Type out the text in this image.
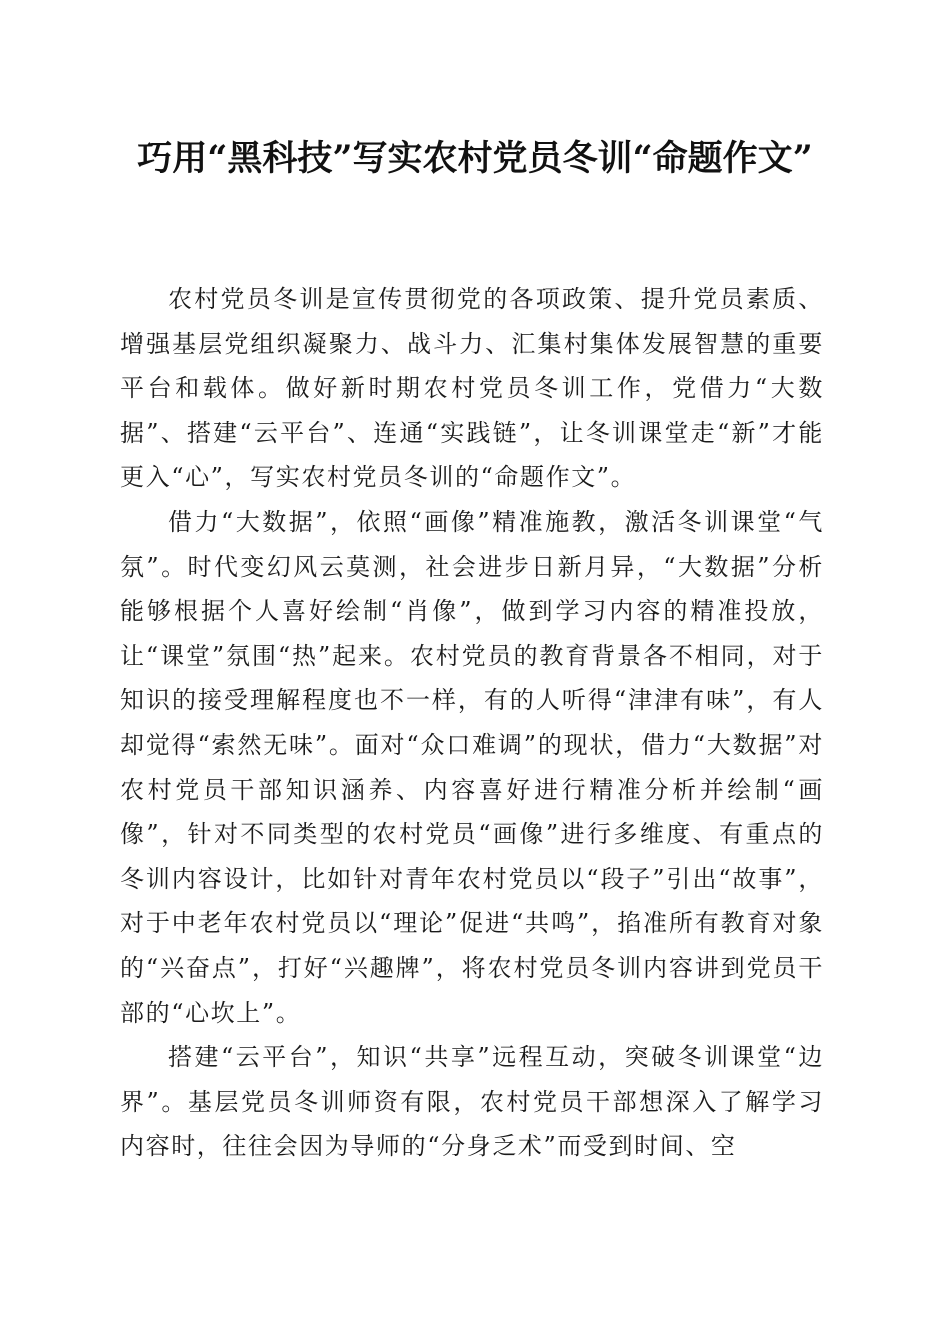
巧用“黑科技”写实农村党员冬训“命题作文”

农村党员冬训是宣传贯彻党的各项政策、提升党员素质、增强基层党组织凝聚力、战斗力、汇集村集体发展智慧的重要平台和载体。做好新时期农村党员冬训工作，党借力“大数据”、搭建“云平台”、连通“实践链”，让冬训课堂走“新”才能更入“心”，写实农村党员冬训的“命题作文”。

借力“大数据”，依照“画像”精准施教，激活冬训课堂“气氛”。时代变幻风云莫测，社会进步日新月异，“大数据”分析能够根据个人喜好绘制“肖像”，做到学习内容的精准投放，让“课堂”氛围“热”起来。农村党员的教育背景各不相同，对于知识的接受理解程度也不一样，有的人听得“津津有味”，有人却觉得“索然无味”。面对“众口难调”的现状，借力“大数据”对农村党员干部知识涵养、内容喜好进行精准分析并绘制“画像”，针对不同类型的农村党员“画像”进行多维度、有重点的冬训内容设计，比如针对青年农村党员以“段子”引出“故事”，对于中老年农村党员以“理论”促进“共鸣”，掐准所有教育对象的“兴奋点”，打好“兴趣牌”，将农村党员冬训内容讲到党员干部的“心坎上”。

搭建“云平台”，知识“共享”远程互动，突破冬训课堂“边界”。基层党员冬训师资有限，农村党员干部想深入了解学习内容时，往往会因为导师的“分身乏术”而受到时间、空
